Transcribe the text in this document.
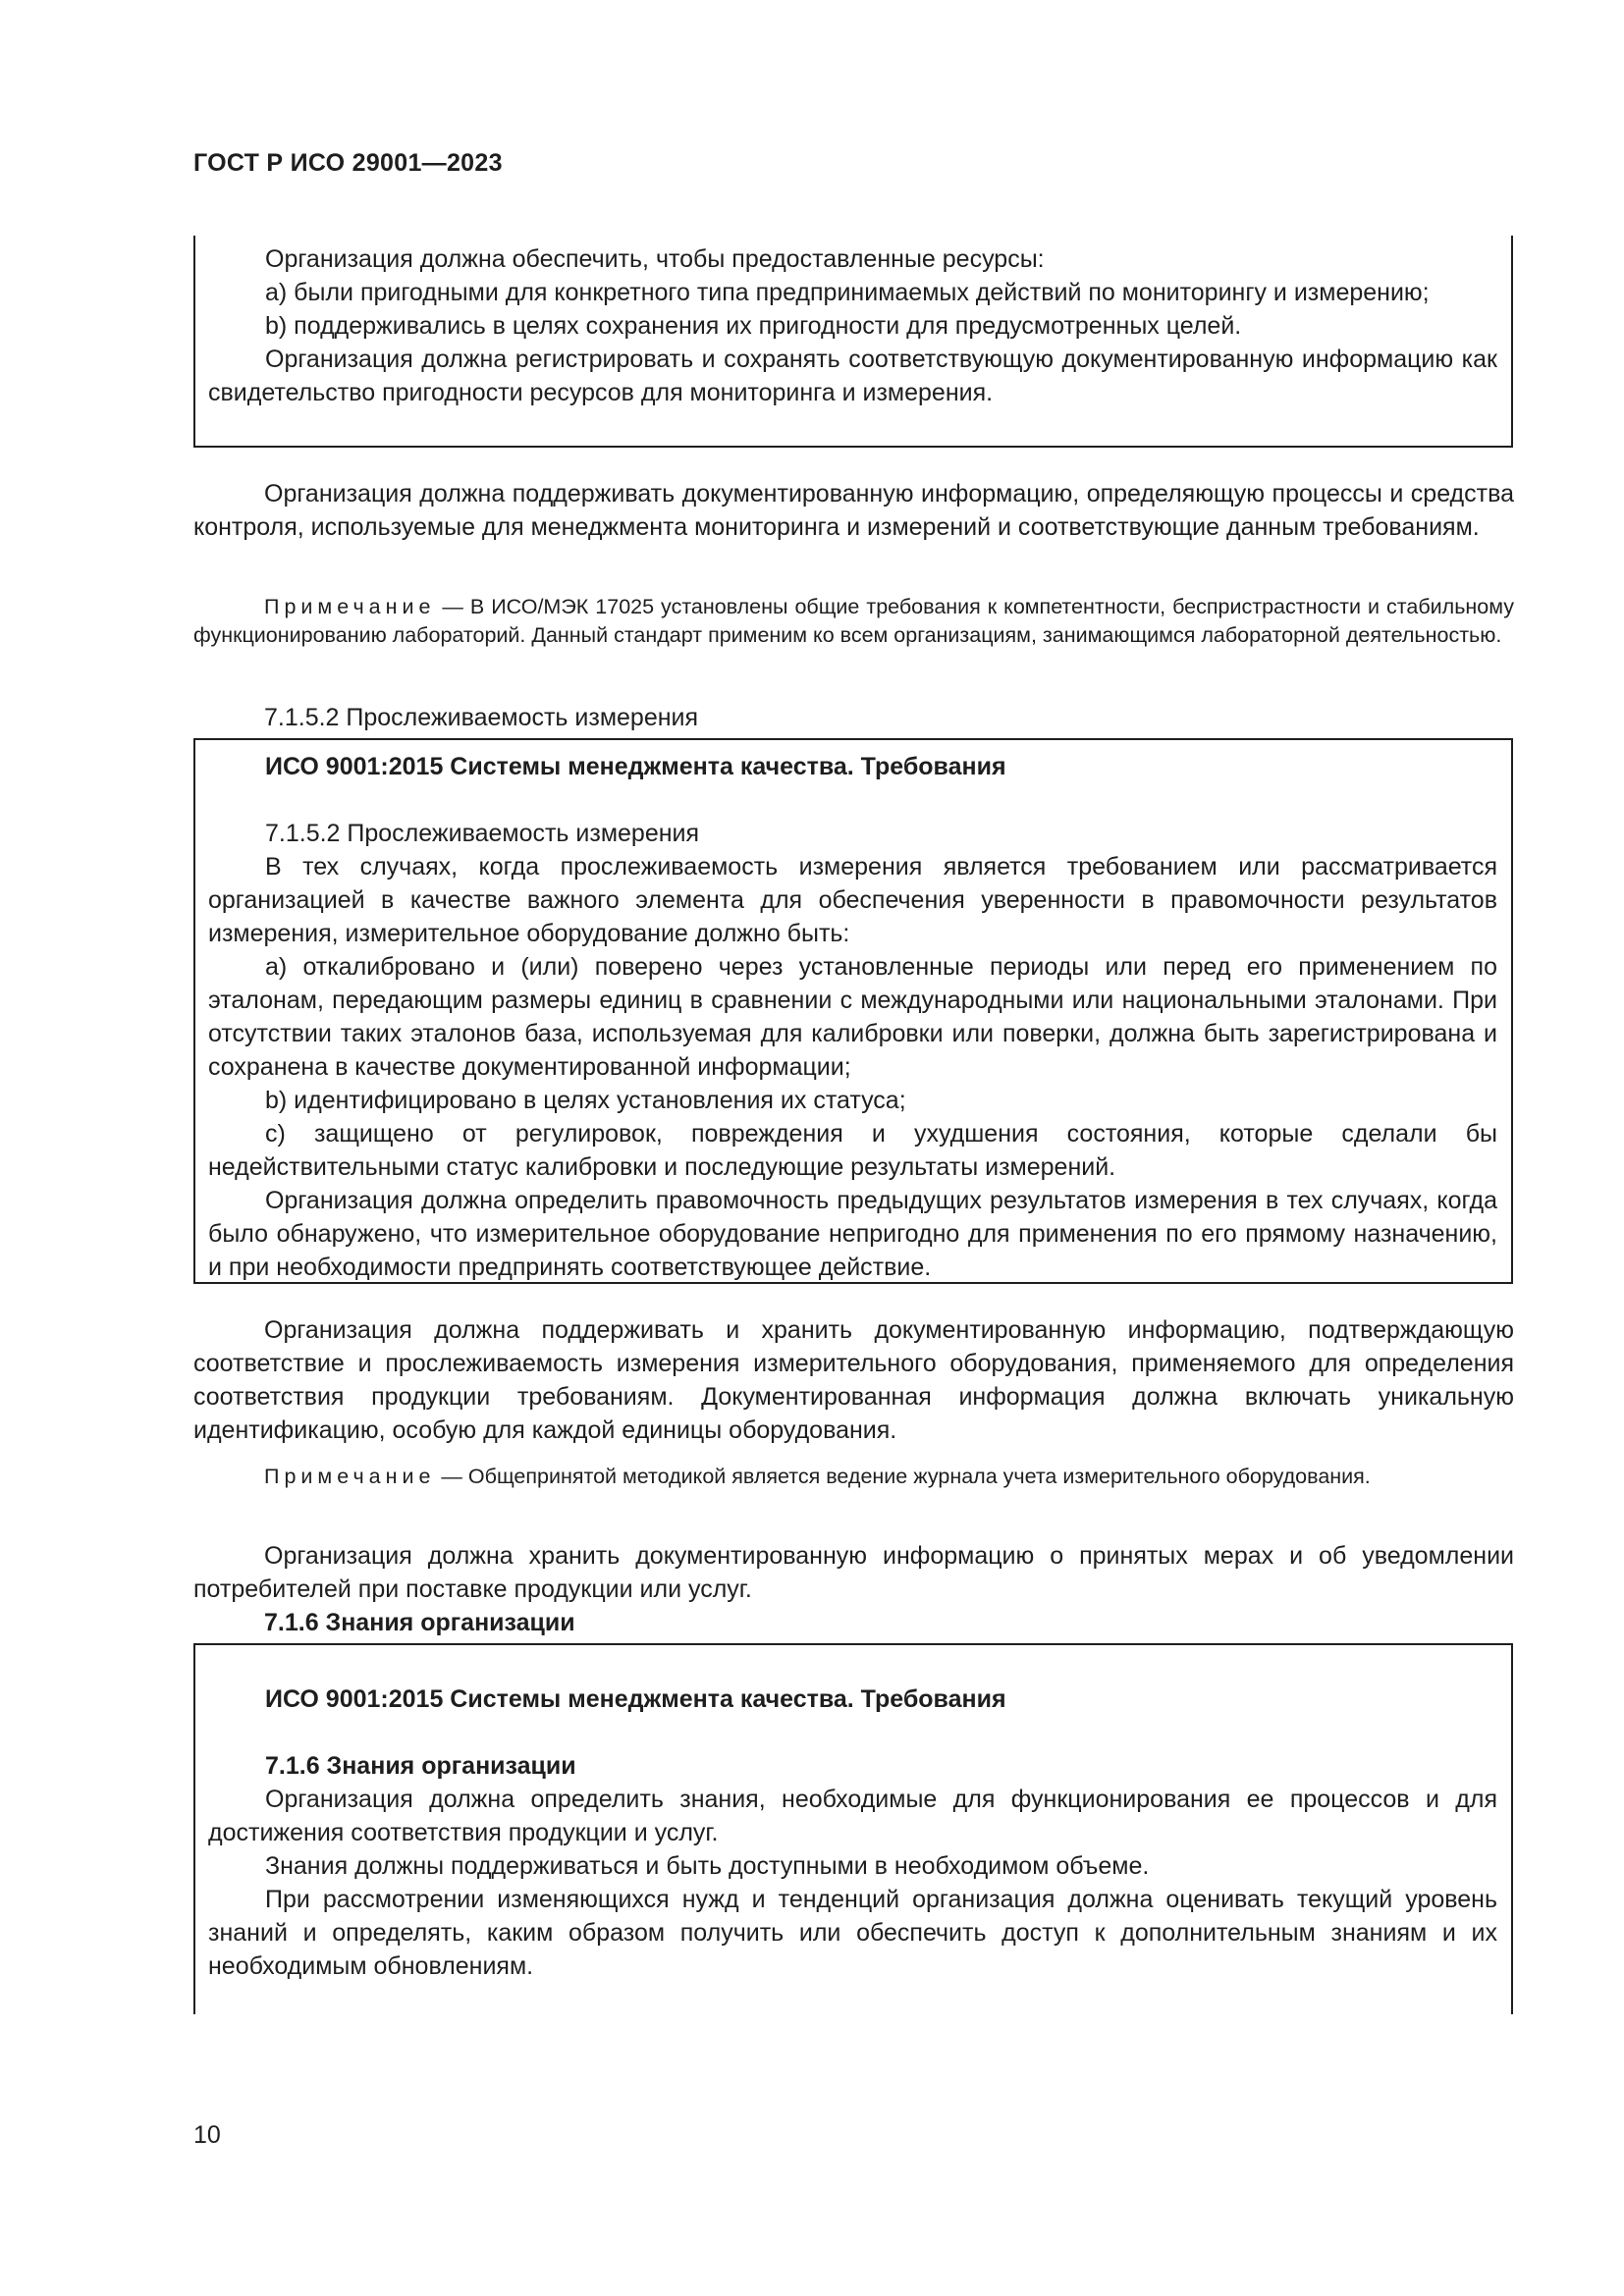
ГОСТ Р ИСО 29001—2023

Организация должна обеспечить, чтобы предоставленные ресурсы:

a) были пригодными для конкретного типа предпринимаемых действий по мониторингу и измерению;

b) поддерживались в целях сохранения их пригодности для предусмотренных целей.

Организация должна регистрировать и сохранять соответствующую документированную информацию как свидетельство пригодности ресурсов для мониторинга и измерения.

Организация должна поддерживать документированную информацию, определяющую процессы и средства контроля, используемые для менеджмента мониторинга и измерений и соответствующие данным требованиям.

Примечание — В ИСО/МЭК 17025 установлены общие требования к компетентности, беспристрастности и стабильному функционированию лабораторий. Данный стандарт применим ко всем организациям, занимающимся лабораторной деятельностью.

7.1.5.2 Прослеживаемость измерения

ИСО 9001:2015 Системы менеджмента качества. Требования

7.1.5.2 Прослеживаемость измерения

В тех случаях, когда прослеживаемость измерения является требованием или рассматривается организацией в качестве важного элемента для обеспечения уверенности в правомочности результатов измерения, измерительное оборудование должно быть:

a) откалибровано и (или) поверено через установленные периоды или перед его применением по эталонам, передающим размеры единиц в сравнении с международными или национальными эталонами. При отсутствии таких эталонов база, используемая для калибровки или поверки, должна быть зарегистрирована и сохранена в качестве документированной информации;

b) идентифицировано в целях установления их статуса;

c) защищено от регулировок, повреждения и ухудшения состояния, которые сделали бы недействительными статус калибровки и последующие результаты измерений.

Организация должна определить правомочность предыдущих результатов измерения в тех случаях, когда было обнаружено, что измерительное оборудование непригодно для применения по его прямому назначению, и при необходимости предпринять соответствующее действие.

Организация должна поддерживать и хранить документированную информацию, подтверждающую соответствие и прослеживаемость измерения измерительного оборудования, применяемого для определения соответствия продукции требованиям. Документированная информация должна включать уникальную идентификацию, особую для каждой единицы оборудования.

Примечание — Общепринятой методикой является ведение журнала учета измерительного оборудования.

Организация должна хранить документированную информацию о принятых мерах и об уведомлении потребителей при поставке продукции или услуг.

7.1.6 Знания организации

ИСО 9001:2015 Системы менеджмента качества. Требования

7.1.6 Знания организации

Организация должна определить знания, необходимые для функционирования ее процессов и для достижения соответствия продукции и услуг.

Знания должны поддерживаться и быть доступными в необходимом объеме.

При рассмотрении изменяющихся нужд и тенденций организация должна оценивать текущий уровень знаний и определять, каким образом получить или обеспечить доступ к дополнительным знаниям и их необходимым обновлениям.

10
